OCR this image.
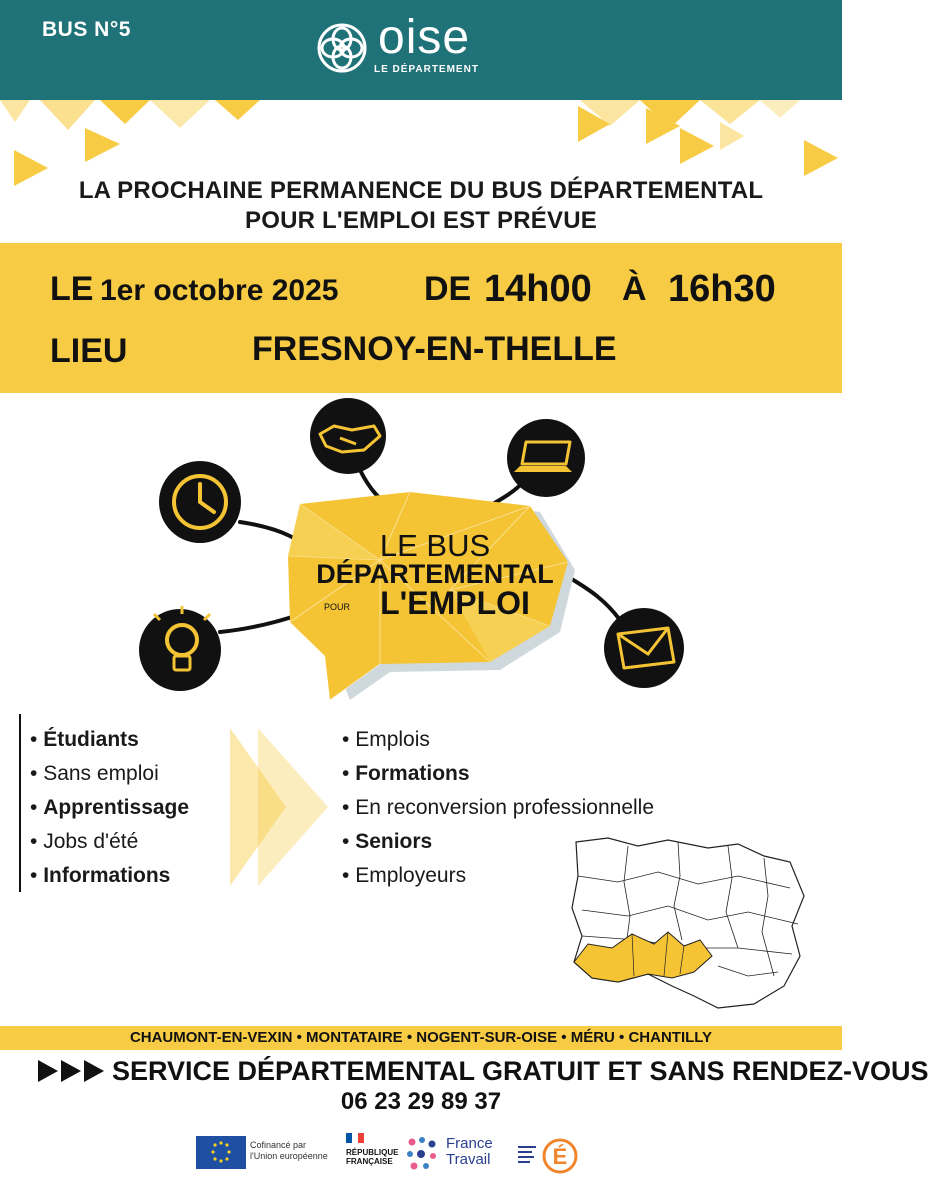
BUS N°5	oise
LE DÉPARTEMENT
LA PROCHAINE PERMANENCE DU BUS DÉPARTEMENTAL
POUR L'EMPLOI EST PRÉVUE
LE 1er octobre 2025	DE 14h00 À 16h30
LIEU	FRESNOY-EN-THELLE
LE BUS
DÉPARTEMENTAL
POUR L'EMPLOI
• Étudiants
• Sans emploi
• Apprentissage
• Jobs d'été
• Informations
• Emplois
• Formations
• En reconversion professionnelle
• Seniors
• Employeurs
CHAUMONT-EN-VEXIN • MONTATAIRE • NOGENT-SUR-OISE • MÉRU • CHANTILLY
SERVICE DÉPARTEMENTAL GRATUIT ET SANS RENDEZ-VOUS
06 23 29 89 37
Cofinancé par
l'Union européenne RÉPUBLIQUE
FRANÇAISE
France
Travail	É
